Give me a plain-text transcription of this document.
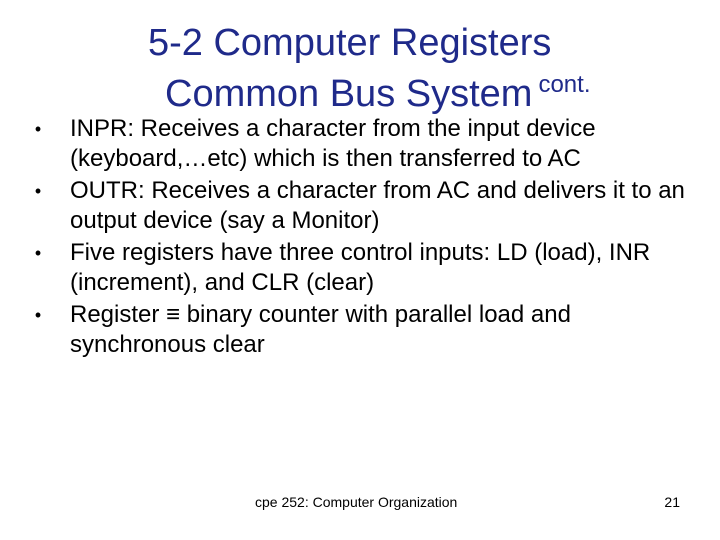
5-2 Computer Registers
Common Bus System $^{cont.}$
• INPR: Receives a character from the input device (keyboard,…etc) which is then transferred to AC
• OUTR: Receives a character from AC and delivers it to an output device (say a Monitor)
• Five registers have three control inputs: LD (load), INR (increment), and CLR (clear)
• Register ≡ binary counter with parallel load and synchronous clear
cpe 252: Computer Organization	21
